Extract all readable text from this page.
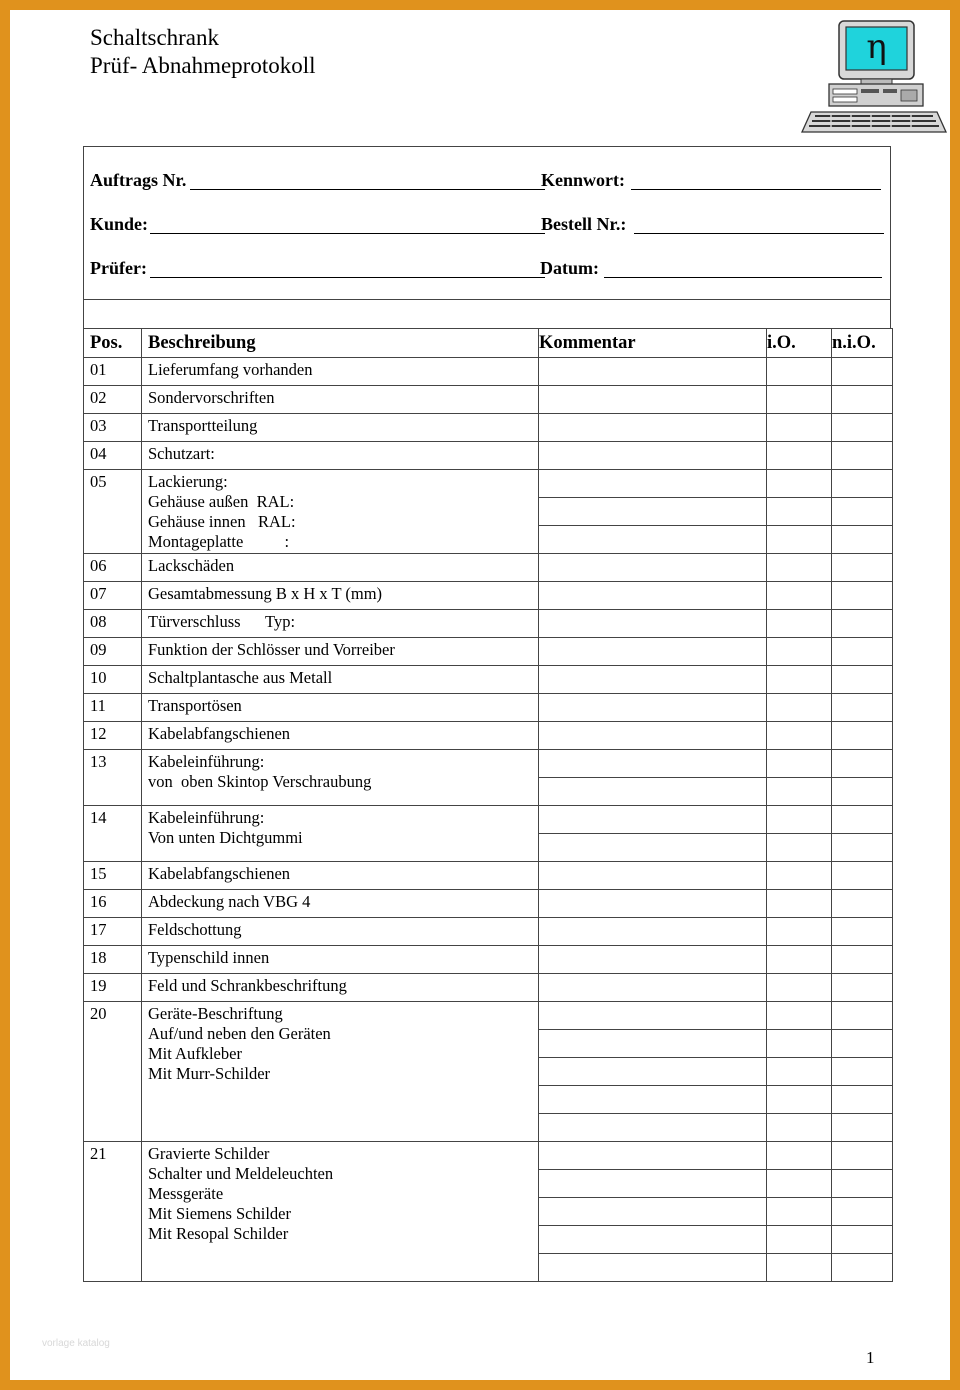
Schaltschrank
Prüf- Abnahmeprotokoll	η
Auftrags Nr.	Kennwort:
Kunde:	Bestell Nr.:
Prüfer:	Datum:
Pos.	Beschreibung	Kommentar	i.O.	n.i.O.
01	Lieferumfang vorhanden			

02	Sondervorschriften			

03	Transportteilung			

04	Schutzart:			

05	Lackierung:
Gehäuse außen  RAL:
Gehäuse innen   RAL:
Montageplatte          :			

06	Lackschäden			

07	Gesamtabmessung B x H x T (mm)			

08	Türverschluss      Typ:			

09	Funktion der Schlösser und Vorreiber			

10	Schaltplantasche aus Metall			

11	Transportösen			

12	Kabelabfangschienen			

13	Kabeleinführung:
von  oben Skintop Verschraubung			

14	Kabeleinführung:
Von unten Dichtgummi			

15	Kabelabfangschienen			

16	Abdeckung nach VBG 4			

17	Feldschottung			

18	Typenschild innen			

19	Feld und Schrankbeschriftung			

20	Geräte-Beschriftung
Auf/und neben den Geräten
Mit Aufkleber
Mit Murr-Schilder			

21	Gravierte Schilder
Schalter und Meldeleuchten
Messgeräte
Mit Siemens Schilder
Mit Resopal Schilder			

vorlage katalog
1
